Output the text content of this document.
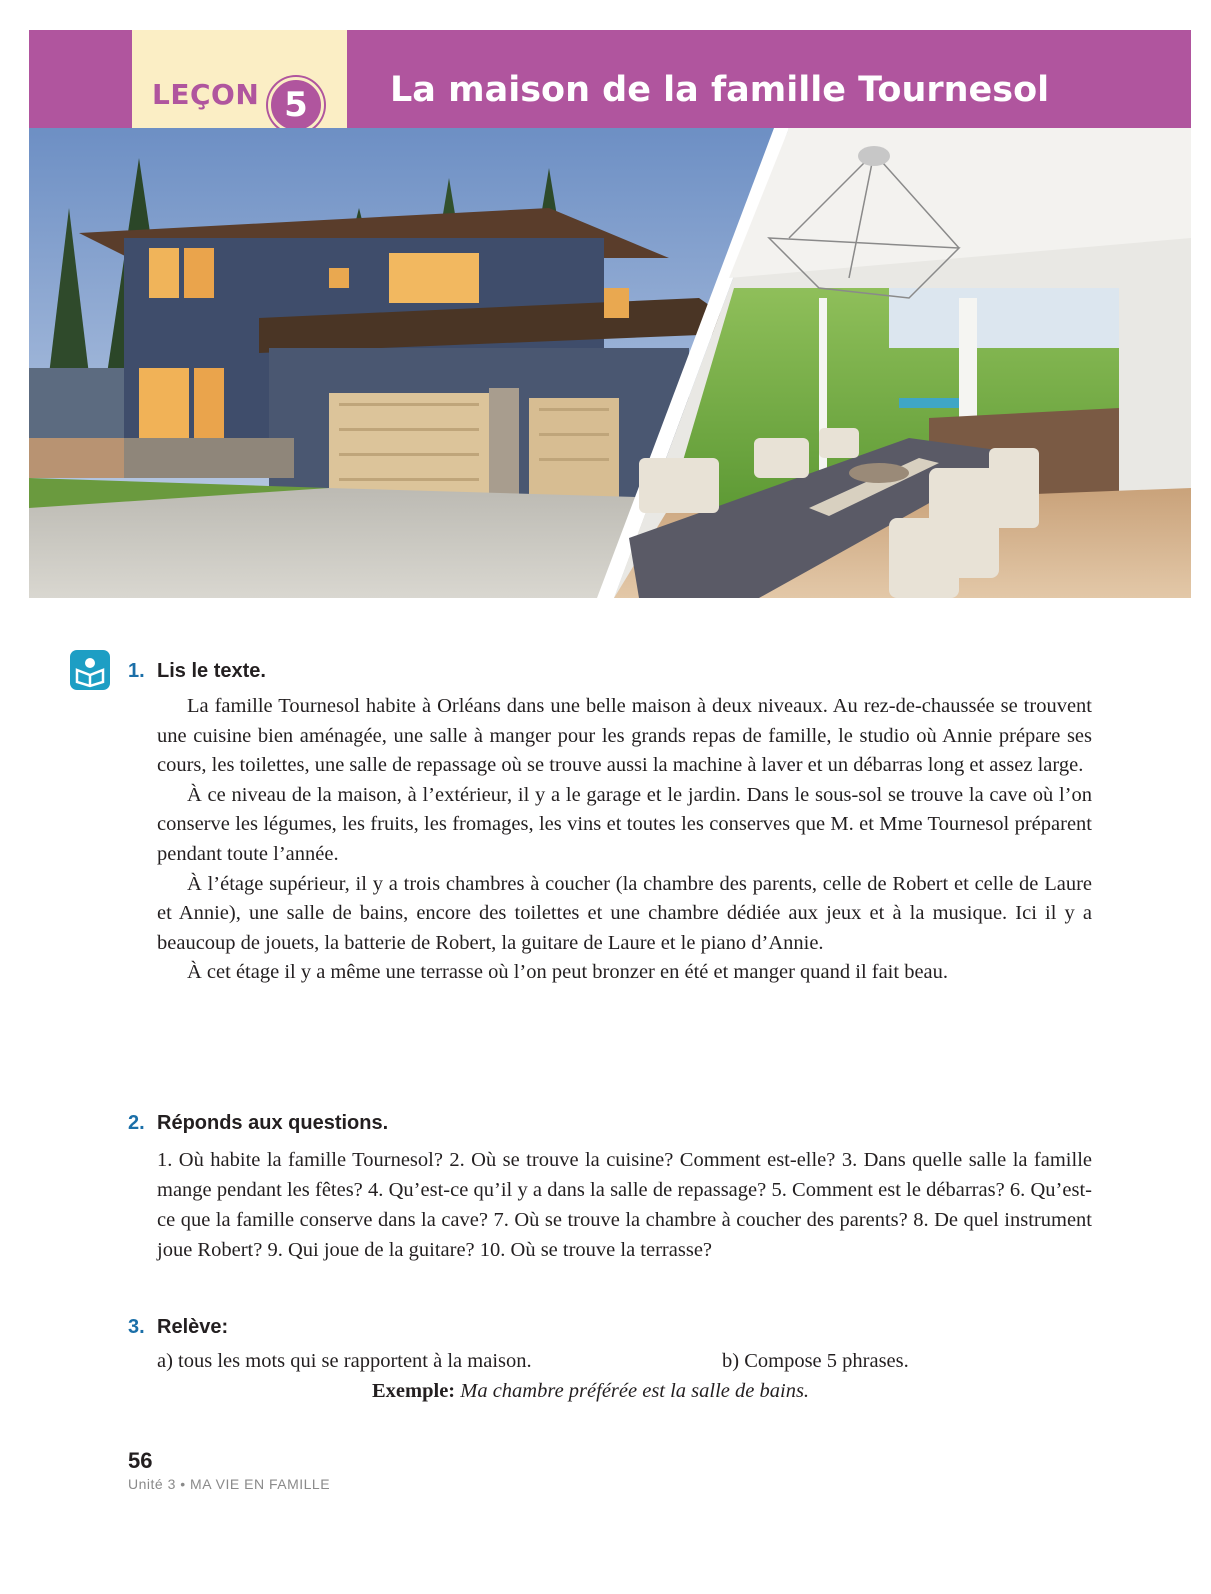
LEÇON 5	La maison de la famille Tournesol
1. Lis le texte.

La famille Tournesol habite à Orléans dans une belle maison à deux niveaux. Au rez-de-chaussée se trouvent une cuisine bien aménagée, une salle à manger pour les grands repas de famille, le studio où Annie prépare ses cours, les toilettes, une salle de repassage où se trouve aussi la machine à laver et un débarras long et assez large.

À ce niveau de la maison, à l’extérieur, il y a le garage et le jardin. Dans le sous-sol se trouve la cave où l’on conserve les légumes, les fruits, les fromages, les vins et toutes les conserves que M. et Mme Tournesol préparent pendant toute l’année.

À l’étage supérieur, il y a trois chambres à coucher (la chambre des parents, celle de Robert et celle de Laure et Annie), une salle de bains, encore des toilettes et une chambre dédiée aux jeux et à la musique. Ici il y a beaucoup de jouets, la batterie de Robert, la guitare de Laure et le piano d’Annie.

À cet étage il y a même une terrasse où l’on peut bronzer en été et manger quand il fait beau.

2. Réponds aux questions.
1. Où habite la famille Tournesol? 2. Où se trouve la cuisine? Comment est-elle? 3. Dans quelle salle la famille mange pendant les fêtes? 4. Qu’est-ce qu’il y a dans la salle de repassage? 5. Comment est le débarras? 6. Qu’est-ce que la famille conserve dans la cave? 7. Où se trouve la chambre à coucher des parents? 8. De quel instrument joue Robert? 9. Qui joue de la guitare? 10. Où se trouve la terrasse?
3. Relève:
a) tous les mots qui se rapportent à la maison.	b) Compose 5 phrases.
Exemple: Ma chambre préférée est la salle de bains.
56
Unité 3 • MA VIE EN FAMILLE
